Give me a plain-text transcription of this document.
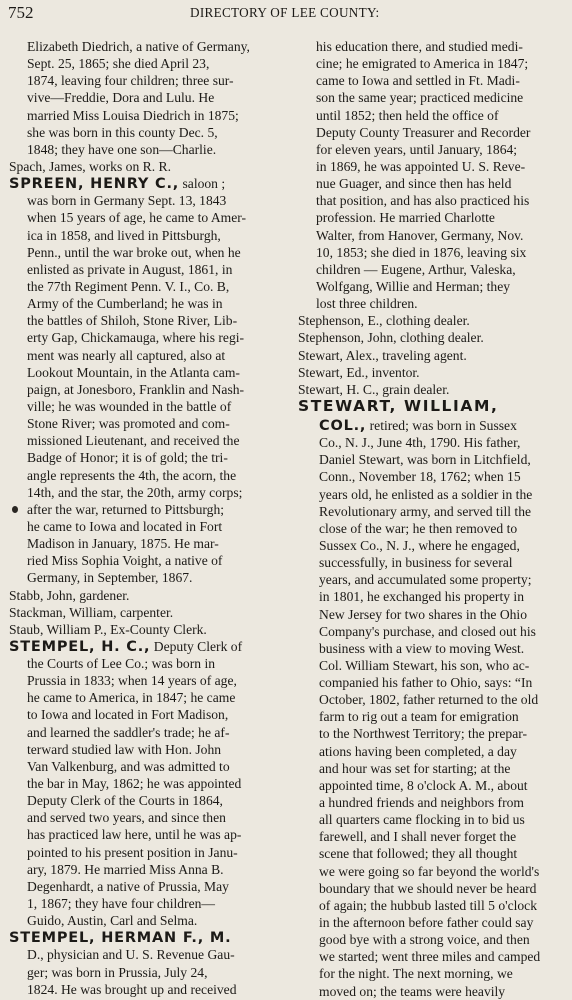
752	DIRECTORY OF LEE COUNTY:
Elizabeth Diedrich, a native of Germany,
Sept. 25, 1865; she died April 23,
1874, leaving four children; three sur-
vive—Freddie, Dora and Lulu. He
married Miss Louisa Diedrich in 1875;
she was born in this county Dec. 5,
1848; they have one son—Charlie.
Spach, James, works on R. R.
SPREEN, HENRY C., saloon ;
was born in Germany Sept. 13, 1843
when 15 years of age, he came to Amer-
ica in 1858, and lived in Pittsburgh,
Penn., until the war broke out, when he
enlisted as private in August, 1861, in
the 77th Regiment Penn. V. I., Co. B,
Army of the Cumberland; he was in
the battles of Shiloh, Stone River, Lib-
erty Gap, Chickamauga, where his regi-
ment was nearly all captured, also at
Lookout Mountain, in the Atlanta cam-
paign, at Jonesboro, Franklin and Nash-
ville; he was wounded in the battle of
Stone River; was promoted and com-
missioned Lieutenant, and received the
Badge of Honor; it is of gold; the tri-
angle represents the 4th, the acorn, the
14th, and the star, the 20th, army corps;
after the war, returned to Pittsburgh;
he came to Iowa and located in Fort
Madison in January, 1875. He mar-
ried Miss Sophia Voight, a native of
Germany, in September, 1867.
Stabb, John, gardener.
Stackman, William, carpenter.
Staub, William P., Ex-County Clerk.
STEMPEL, H. C., Deputy Clerk of
the Courts of Lee Co.; was born in
Prussia in 1833; when 14 years of age,
he came to America, in 1847; he came
to Iowa and located in Fort Madison,
and learned the saddler's trade; he af-
terward studied law with Hon. John
Van Valkenburg, and was admitted to
the bar in May, 1862; he was appointed
Deputy Clerk of the Courts in 1864,
and served two years, and since then
has practiced law here, until he was ap-
pointed to his present position in Janu-
ary, 1879. He married Miss Anna B.
Degenhardt, a native of Prussia, May
1, 1867; they have four children—
Guido, Austin, Carl and Selma.
STEMPEL, HERMAN F., M.
D., physician and U. S. Revenue Gau-
ger; was born in Prussia, July 24,
1824. He was brought up and received
his education there, and studied medi-
cine; he emigrated to America in 1847;
came to Iowa and settled in Ft. Madi-
son the same year; practiced medicine
until 1852; then held the office of
Deputy County Treasurer and Recorder
for eleven years, until January, 1864;
in 1869, he was appointed U. S. Reve-
nue Guager, and since then has held
that position, and has also practiced his
profession. He married Charlotte
Walter, from Hanover, Germany, Nov.
10, 1853; she died in 1876, leaving six
children — Eugene, Arthur, Valeska,
Wolfgang, Willie and Herman; they
lost three children.
Stephenson, E., clothing dealer.
Stephenson, John, clothing dealer.
Stewart, Alex., traveling agent.
Stewart, Ed., inventor.
Stewart, H. C., grain dealer.
STEWART, WILLIAM,
COL., retired; was born in Sussex
Co., N. J., June 4th, 1790. His father,
Daniel Stewart, was born in Litchfield,
Conn., November 18, 1762; when 15
years old, he enlisted as a soldier in the
Revolutionary army, and served till the
close of the war; he then removed to
Sussex Co., N. J., where he engaged,
successfully, in business for several
years, and accumulated some property;
in 1801, he exchanged his property in
New Jersey for two shares in the Ohio
Company's purchase, and closed out his
business with a view to moving West.
Col. William Stewart, his son, who ac-
companied his father to Ohio, says: “In
October, 1802, father returned to the old
farm to rig out a team for emigration
to the Northwest Territory; the prepar-
ations having been completed, a day
and hour was set for starting; at the
appointed time, 8 o'clock A. M., about
a hundred friends and neighbors from
all quarters came flocking in to bid us
farewell, and I shall never forget the
scene that followed; they all thought
we were going so far beyond the world's
boundary that we should never be heard
of again; the hubbub lasted till 5 o'clock
in the afternoon before father could say
good bye with a strong voice, and then
we started; went three miles and camped
for the night. The next morning, we
moved on; the teams were heavily
